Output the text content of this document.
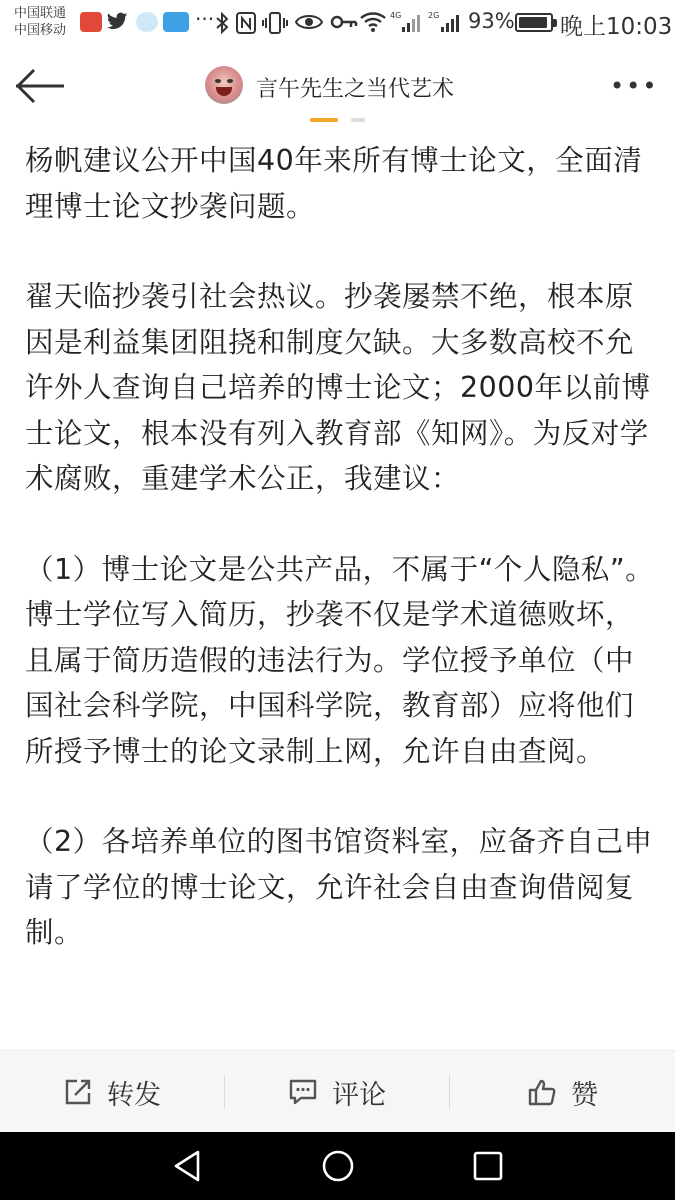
中国联通
中国移动	···	4G	2G 93% 晚上10:03
言午先生之当代艺术	•••

杨帆建议公开中国40年来所有博士论文，全面清理博士论文抄袭问题。

翟天临抄袭引社会热议。抄袭屡禁不绝，根本原因是利益集团阻挠和制度欠缺。大多数高校不允许外人查询自己培养的博士论文；2000年以前博士论文，根本没有列入教育部《知网》。为反对学术腐败，重建学术公正，我建议：

（1）博士论文是公共产品，不属于“个人隐私”。博士学位写入简历，抄袭不仅是学术道德败坏，且属于简历造假的违法行为。学位授予单位（中国社会科学院，中国科学院，教育部）应将他们所授予博士的论文录制上网，允许自由查阅。

（2）各培养单位的图书馆资料室，应备齐自己申请了学位的博士论文，允许社会自由查询借阅复制。

转发	评论	赞
